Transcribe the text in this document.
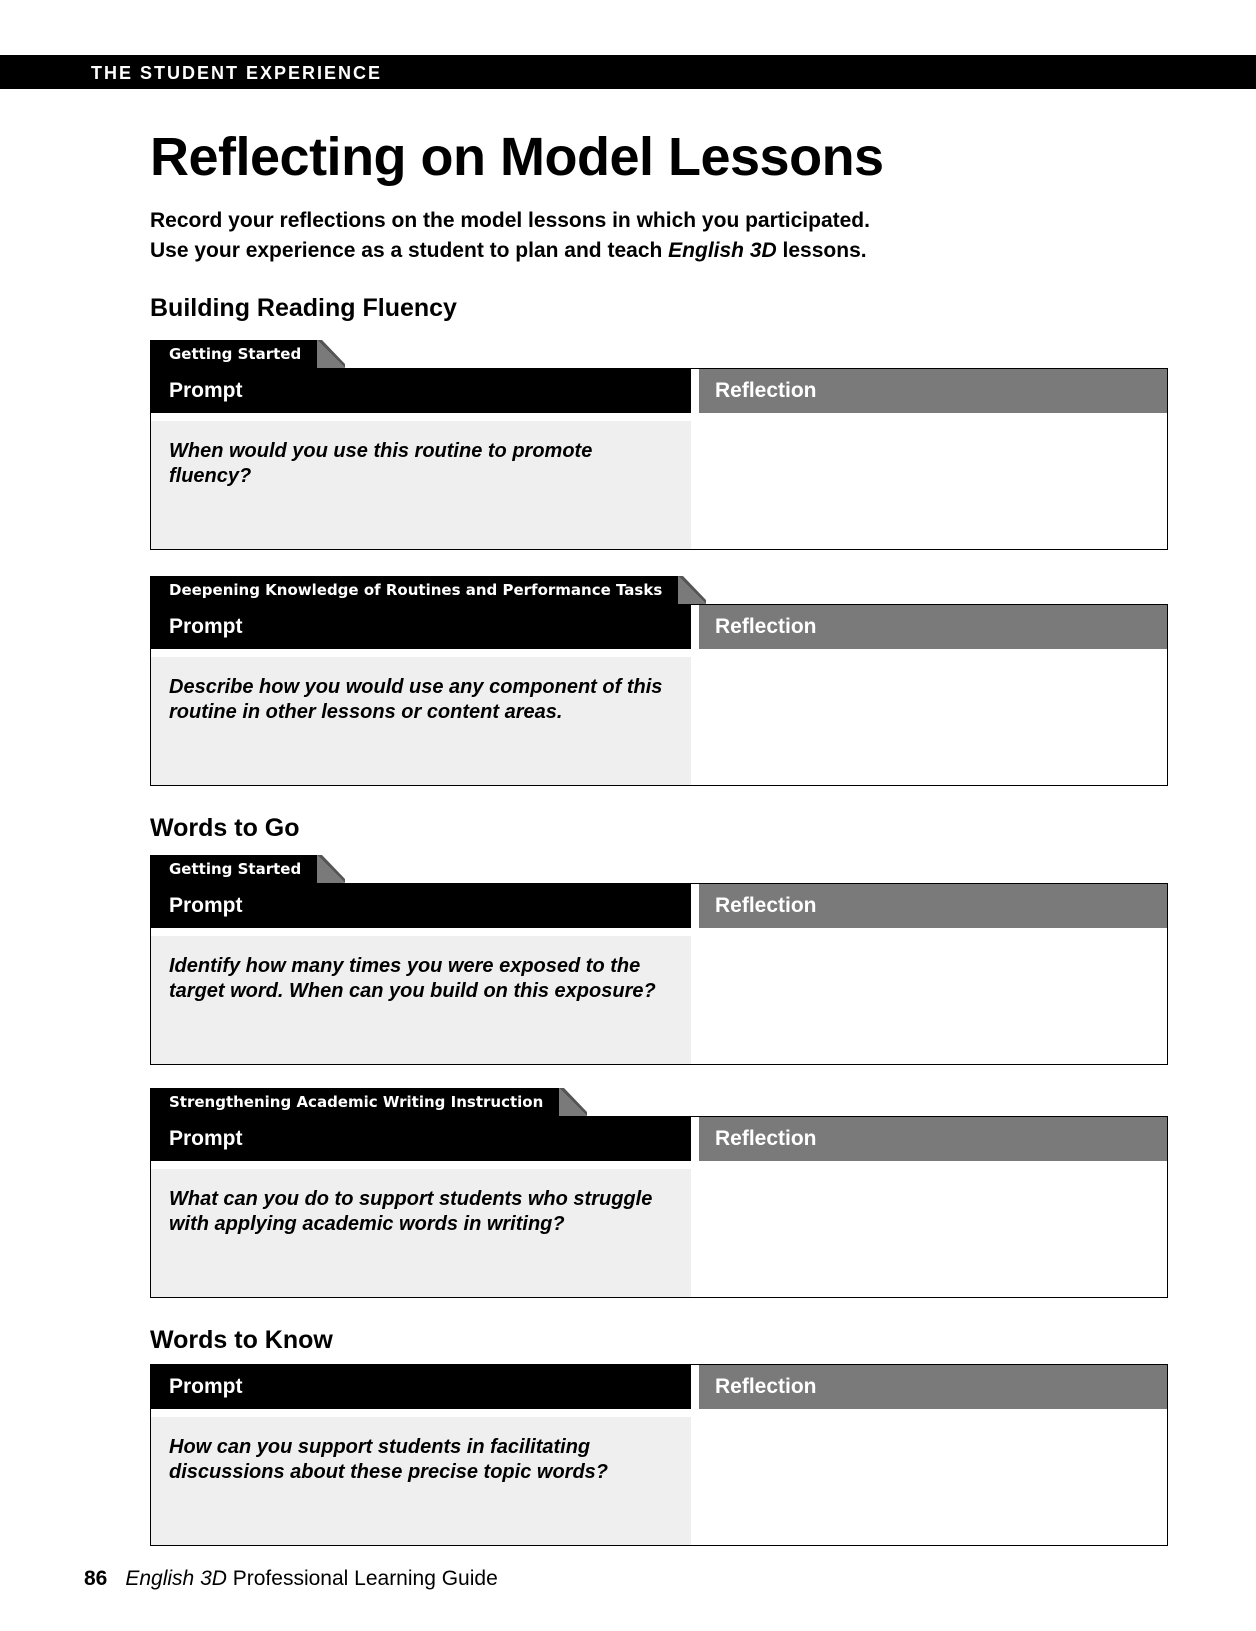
THE STUDENT EXPERIENCE
Reflecting on Model Lessons

Record your reflections on the model lessons in which you participated.

Use your experience as a student to plan and teach English 3D lessons.

Building Reading Fluency
Getting Started
Prompt	Reflection
When would you use this routine to promote fluency?
Deepening Knowledge of Routines and Performance Tasks
Prompt	Reflection
Describe how you would use any component of this routine in other lessons or content areas.
Words to Go
Getting Started
Prompt	Reflection
Identify how many times you were exposed to the target word. When can you build on this exposure?
Strengthening Academic Writing Instruction
Prompt	Reflection
What can you do to support students who struggle with applying academic words in writing?
Words to Know
Prompt	Reflection
How can you support students in facilitating discussions about these precise topic words?
86 English 3D Professional Learning Guide
